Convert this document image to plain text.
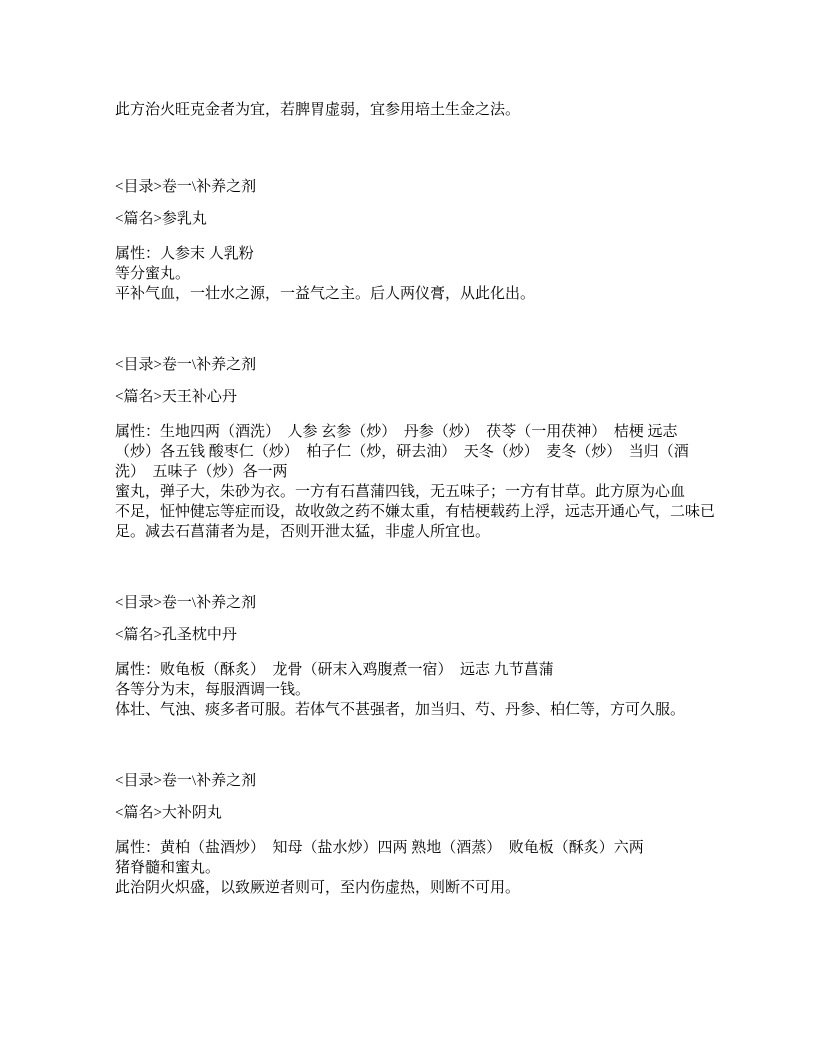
此方治火旺克金者为宜，若脾胃虚弱，宜参用培土生金之法。

<目录>卷一\补养之剂

<篇名>参乳丸

属性：人参末 人乳粉

等分蜜丸。

平补气血，一壮水之源，一益气之主。后人两仪膏，从此化出。

<目录>卷一\补养之剂

<篇名>天王补心丹

属性：生地四两（酒洗）  人参 玄参（炒）  丹参（炒）  茯苓（一用茯神）  桔梗 远志

（炒）各五钱 酸枣仁（炒）  柏子仁（炒，研去油）  天冬（炒）  麦冬（炒）  当归（酒

洗）  五味子（炒）各一两

蜜丸，弹子大，朱砂为衣。一方有石菖蒲四钱，无五味子；一方有甘草。此方原为心血

不足，怔忡健忘等症而设，故收敛之药不嫌太重，有桔梗载药上浮，远志开通心气，二味已

足。减去石菖蒲者为是，否则开泄太猛，非虚人所宜也。

<目录>卷一\补养之剂

<篇名>孔圣枕中丹

属性：败龟板（酥炙）  龙骨（研末入鸡腹煮一宿）  远志 九节菖蒲

各等分为末，每服酒调一钱。

体壮、气浊、痰多者可服。若体气不甚强者，加当归、芍、丹参、柏仁等，方可久服。

<目录>卷一\补养之剂

<篇名>大补阴丸

属性：黄柏（盐酒炒）  知母（盐水炒）四两 熟地（酒蒸）  败龟板（酥炙）六两

猪脊髓和蜜丸。

此治阴火炽盛，以致厥逆者则可，至内伤虚热，则断不可用。
